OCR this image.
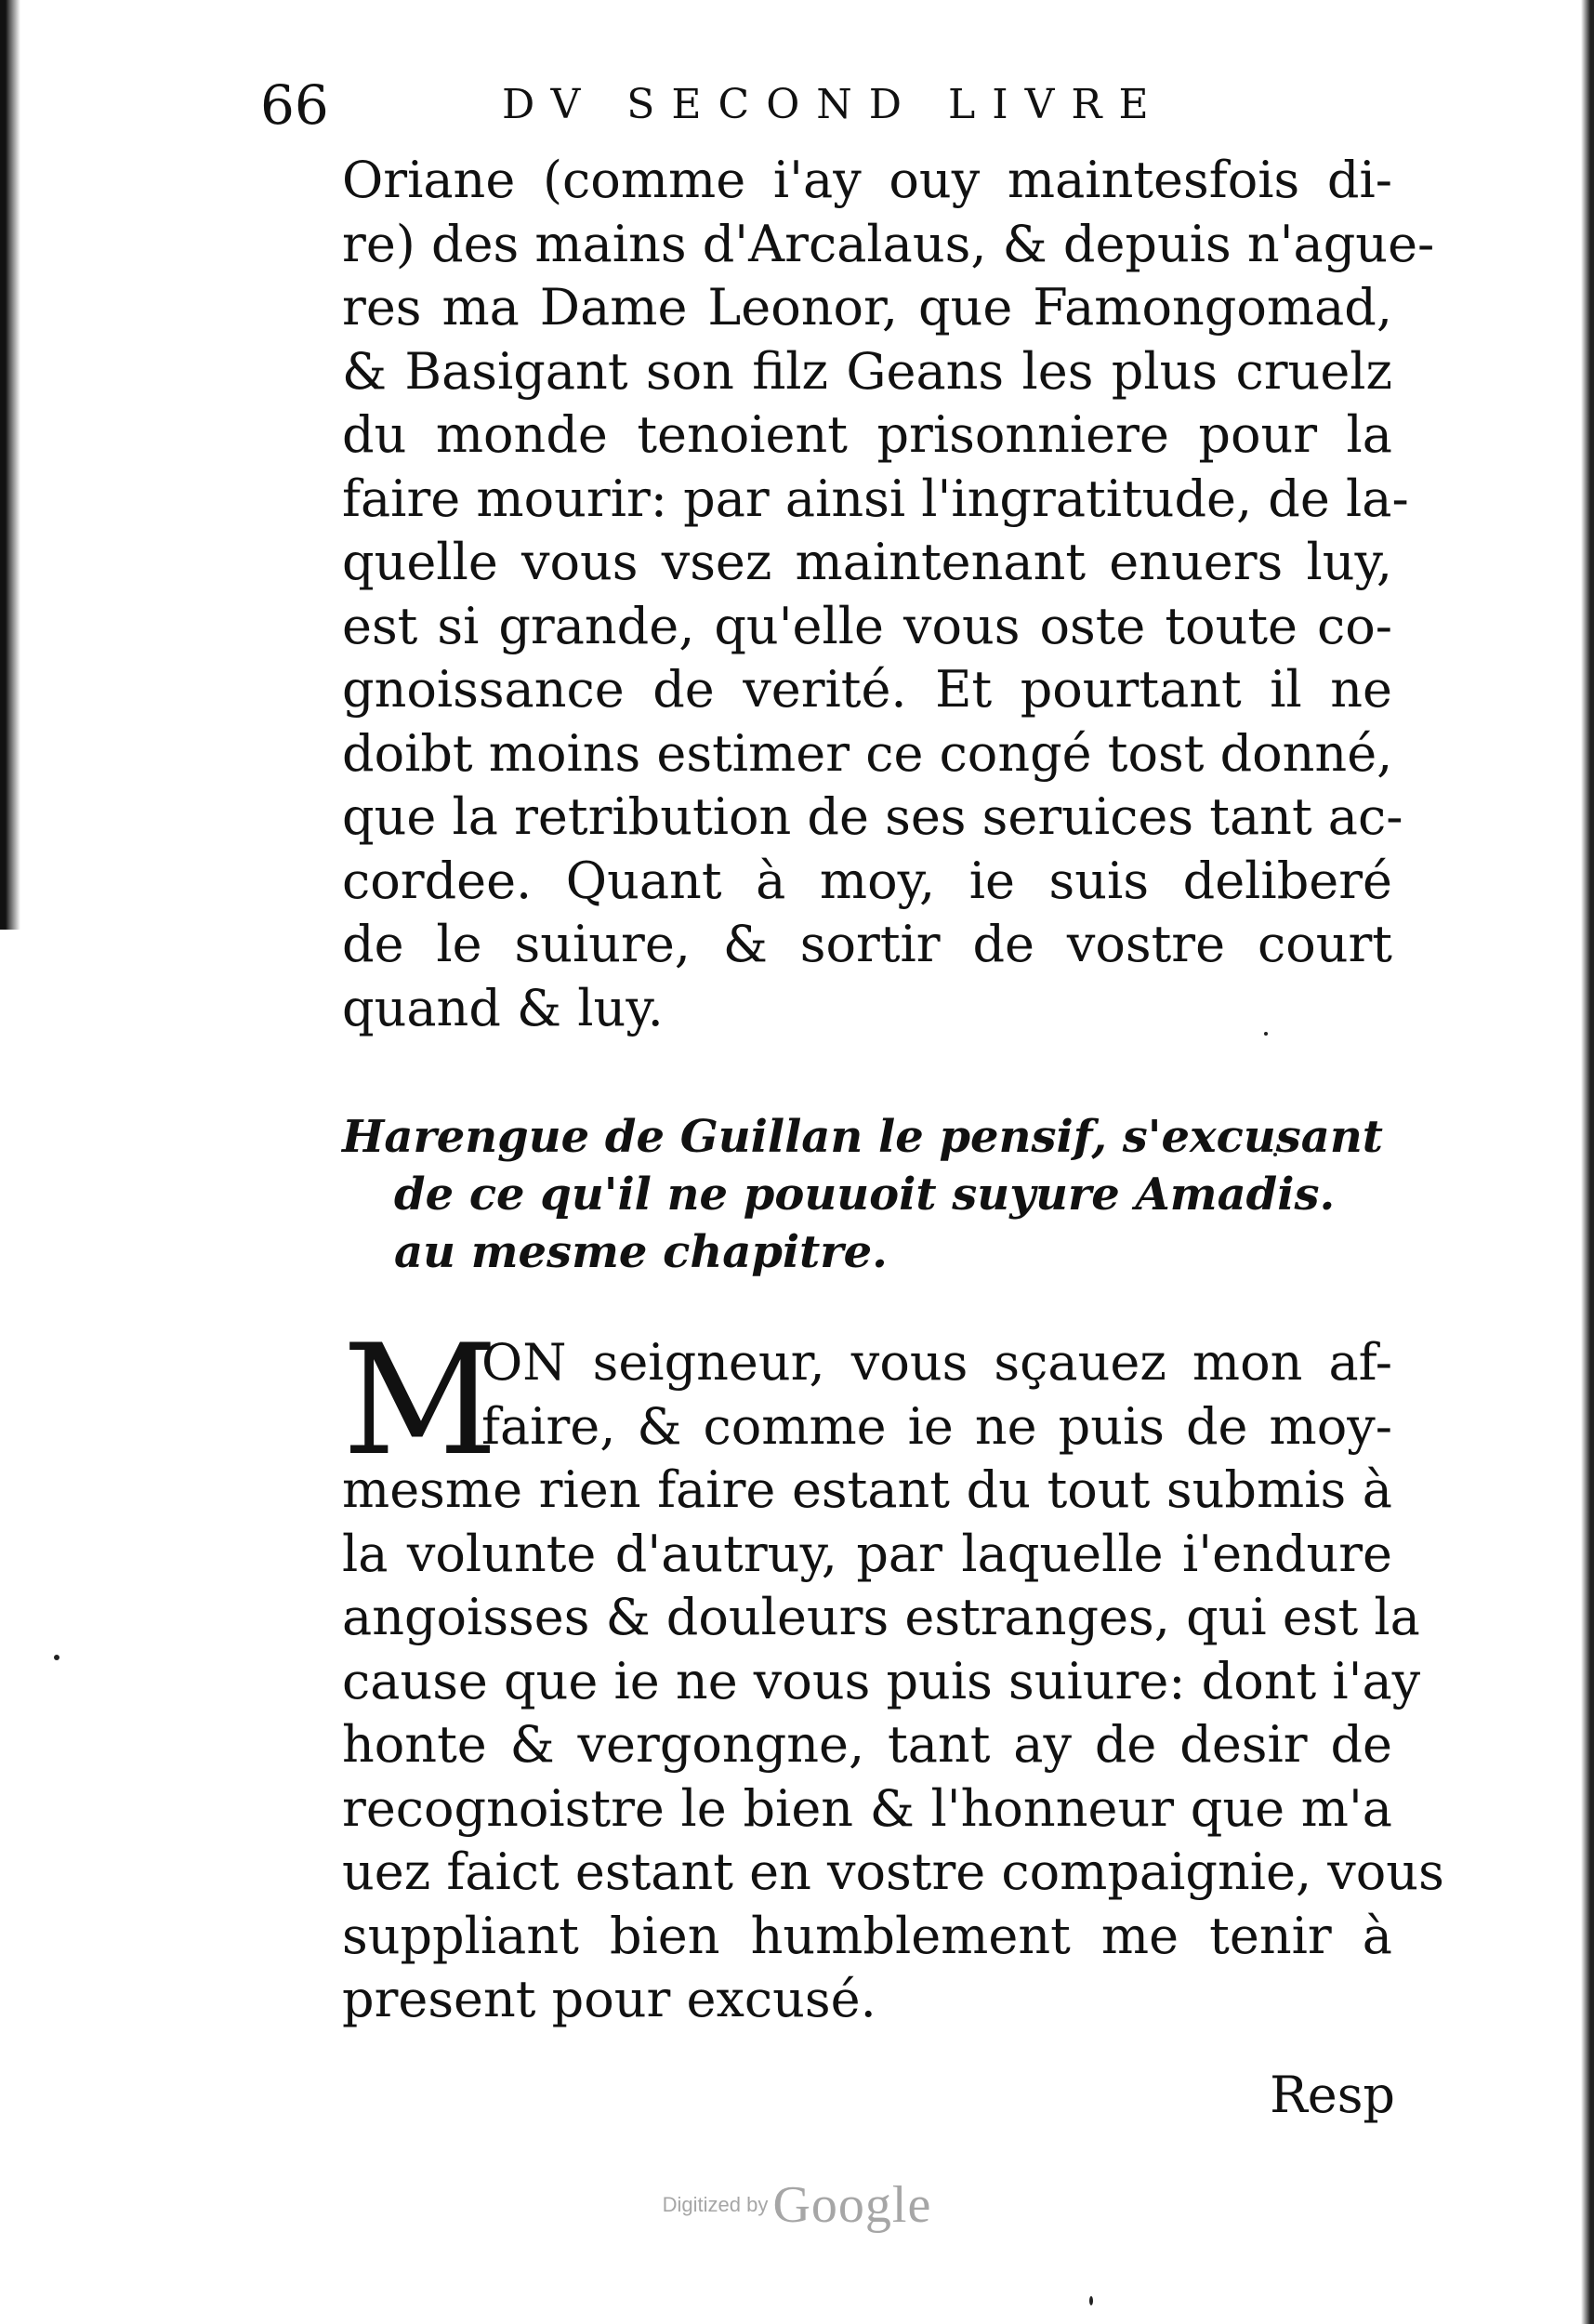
66	DV SECOND LIVRE
Oriane (comme i'ay ouy maintesfois di-
re) des mains d'Arcalaus, & depuis n'ague-
res ma Dame Leonor, que Famongomad,
& Basigant son filz Geans les plus cruelz
du monde tenoient prisonniere pour la
faire mourir: par ainsi l'ingratitude, de la-
quelle vous vsez maintenant enuers luy,
est si grande, qu'elle vous oste toute co-
gnoissance de verité. Et pourtant il ne
doibt moins estimer ce congé tost donné,
que la retribution de ses seruices tant ac-
cordee. Quant à moy, ie suis deliberé
de le suiure, & sortir de vostre court
quand & luy.
Harengue de Guillan le pensif, s'excusant
de ce qu'il ne pouuoit suyure Amadis.
au mesme chapitre.
M
ON seigneur, vous sçauez mon af-
faire, & comme ie ne puis de moy-
mesme rien faire estant du tout submis à
la volunte d'autruy, par laquelle i'endure
angoisses & douleurs estranges, qui est la
cause que ie ne vous puis suiure: dont i'ay
honte & vergongne, tant ay de desir de
recognoistre le bien & l'honneur que m'a
uez faict estant en vostre compaignie, vous
suppliant bien humblement me tenir à
present pour excusé.
Resp
Digitized by Google
